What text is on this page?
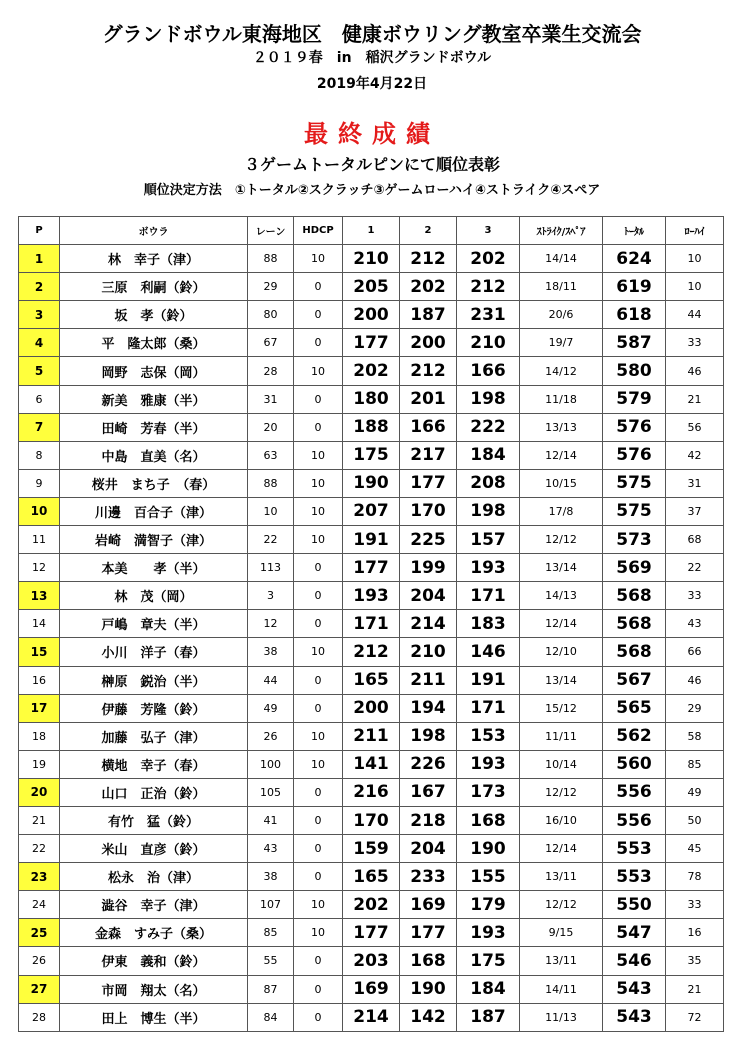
グランドボウル東海地区　健康ボウリング教室卒業生交流会
２０１９春　in　稲沢グランドボウル
2019年4月22日
最終成績
３ゲームトータルピンにて順位表彰
順位決定方法　①トータル②スクラッチ③ゲームローハイ④ストライク④スペア
P	ボウラ	レーン	HDCP	1	2	3	ｽﾄﾗｲｸ/ｽﾍﾟｱ	ﾄｰﾀﾙ	ﾛｰﾊｲ
1	林　幸子（津）	88	10	210	212	202	14/14	624	10
2	三原　利嗣（鈴）	29	0	205	202	212	18/11	619	10
3	坂　孝（鈴）	80	0	200	187	231	20/6	618	44
4	平　隆太郎（桑）	67	0	177	200	210	19/7	587	33
5	岡野　志保（岡）	28	10	202	212	166	14/12	580	46
6	新美　雅康（半）	31	0	180	201	198	11/18	579	21
7	田崎　芳春（半）	20	0	188	166	222	13/13	576	56
8	中島　直美（名）	63	10	175	217	184	12/14	576	42
9	桜井　まち子　（春）	88	10	190	177	208	10/15	575	31
10	川邊　百合子（津）	10	10	207	170	198	17/8	575	37
11	岩崎　満智子（津）	22	10	191	225	157	12/12	573	68
12	本美　　孝（半）	113	0	177	199	193	13/14	569	22
13	林　茂（岡）	3	0	193	204	171	14/13	568	33
14	戸嶋　章夫（半）	12	0	171	214	183	12/14	568	43
15	小川　洋子（春）	38	10	212	210	146	12/10	568	66
16	榊原　鋭治（半）	44	0	165	211	191	13/14	567	46
17	伊藤　芳隆（鈴）	49	0	200	194	171	15/12	565	29
18	加藤　弘子（津）	26	10	211	198	153	11/11	562	58
19	横地　幸子（春）	100	10	141	226	193	10/14	560	85
20	山口　正治（鈴）	105	0	216	167	173	12/12	556	49
21	有竹　猛（鈴）	41	0	170	218	168	16/10	556	50
22	米山　直彦（鈴）	43	0	159	204	190	12/14	553	45
23	松永　治（津）	38	0	165	233	155	13/11	553	78
24	澁谷　幸子（津）	107	10	202	169	179	12/12	550	33
25	金森　すみ子（桑）	85	10	177	177	193	9/15	547	16
26	伊東　義和（鈴）	55	0	203	168	175	13/11	546	35
27	市岡　翔太（名）	87	0	169	190	184	14/11	543	21
28	田上　博生（半）	84	0	214	142	187	11/13	543	72
